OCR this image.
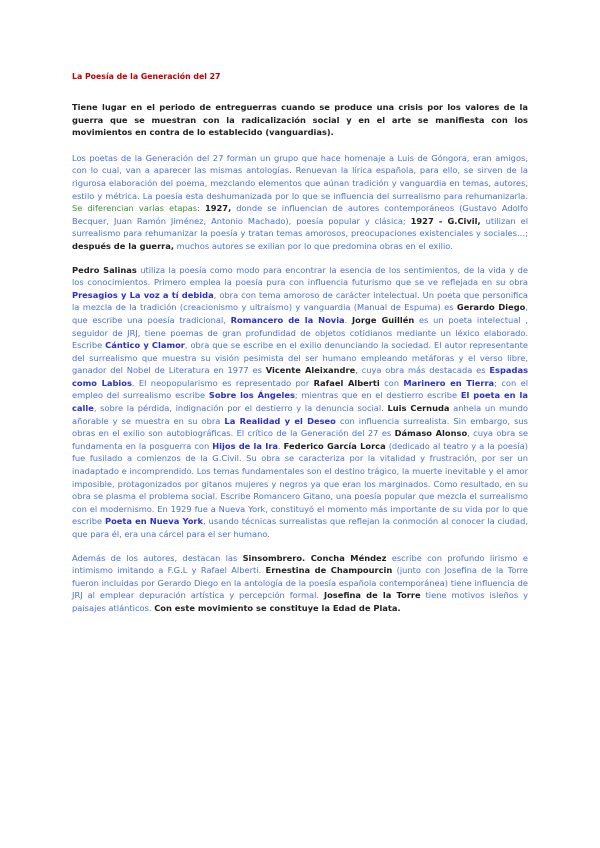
La Poesía de la Generación del 27

Tiene lugar en el periodo de entreguerras cuando se produce una crisis por los valores de la guerra que se muestran con la radicalización social y en el arte se manifiesta con los movimientos en contra de lo establecido (vanguardias).

Los poetas de la Generación del 27 forman un grupo que hace homenaje a Luis de Góngora, eran amigos, con lo cual, van a aparecer las mismas antologías. Renuevan la lírica española, para ello, se sirven de la rigurosa elaboración del poema, mezclando elementos que aúnan tradición y vanguardia en temas, autores, estilo y métrica. La poesía esta deshumanizada por lo que se influencia del surrealismo para rehumanizarla. Se diferencian varias etapas: 1927, donde se influencian de autores contemporáneos (Gustavo Adolfo Becquer, Juan Ramón Jiménez, Antonio Machado), poesía popular y clásica; 1927 - G.Civil, utilizan el surrealismo para rehumanizar la poesía y tratan temas amorosos, preocupaciones existenciales y sociales…; después de la guerra, muchos autores se exilian por lo que predomina obras en el exilio.

Pedro Salinas utiliza la poesía como modo para encontrar la esencia de los sentimientos, de la vida y de los conocimientos. Primero emplea la poesía pura con influencia futurismo que se ve reflejada en su obra Presagios y La voz a tí debida, obra con tema amoroso de carácter intelectual. Un poeta que personifica la mezcla de la tradición (creacionismo y ultraísmo) y vanguardia (Manual de Espuma) es Gerardo Diego, que escribe una poesía tradicional, Romancero de la Novia. Jorge Guillén es un poeta intelectual , seguidor de JRJ, tiene poemas de gran profundidad de objetos cotidianos mediante un léxico elaborado. Escribe Cántico y Clamor, obra que se escribe en el exilio denunciando la sociedad. El autor representante del surrealismo que muestra su visión pesimista del ser humano empleando metáforas y el verso libre, ganador del Nobel de Literatura en 1977 es Vicente Aleixandre, cuya obra más destacada es Espadas como Labios. El neopopularismo es representado por Rafael Alberti con Marinero en Tierra; con el empleo del surrealismo escribe Sobre los Ángeles; mientras que en el destierro escribe El poeta en la calle, sobre la pérdida, indignación por el destierro y la denuncia social. Luis Cernuda anhela un mundo añorable y se muestra en su obra La Realidad y el Deseo con influencia surrealista. Sin embargo, sus obras en el exilio son autobiográficas. El crítico de la Generación del 27 es Dámaso Alonso, cuya obra se fundamenta en la posguerra con Hijos de la Ira. Federico García Lorca (dedicado al teatro y a la poesía) fue fusilado a comienzos de la G.Civil. Su obra se caracteriza por la vitalidad y frustración, por ser un inadaptado e incomprendido. Los temas fundamentales son el destino trágico, la muerte inevitable y el amor imposible, protagonizados por gitanos mujeres y negros ya que eran los marginados. Como resultado, en su obra se plasma el problema social. Escribe Romancero Gitano, una poesía popular que mezcla el surrealismo con el modernismo. En 1929 fue a Nueva York, constituyó el momento más importante de su vida por lo que escribe Poeta en Nueva York, usando técnicas surrealistas que reflejan la conmoción al conocer la ciudad, que para él, era una cárcel para el ser humano.

Además de los autores, destacan las Sinsombrero. Concha Méndez escribe con profundo lirismo e intimismo imitando a F.G.L y Rafael Alberti. Ernestina de Champourcin (junto con Josefina de la Torre fueron incluidas por Gerardo Diego en la antología de la poesía española contemporánea) tiene influencia de JRJ al emplear depuración artística y percepción formal. Josefina de la Torre tiene motivos isleños y paisajes atlánticos. Con este movimiento se constituye la Edad de Plata.
